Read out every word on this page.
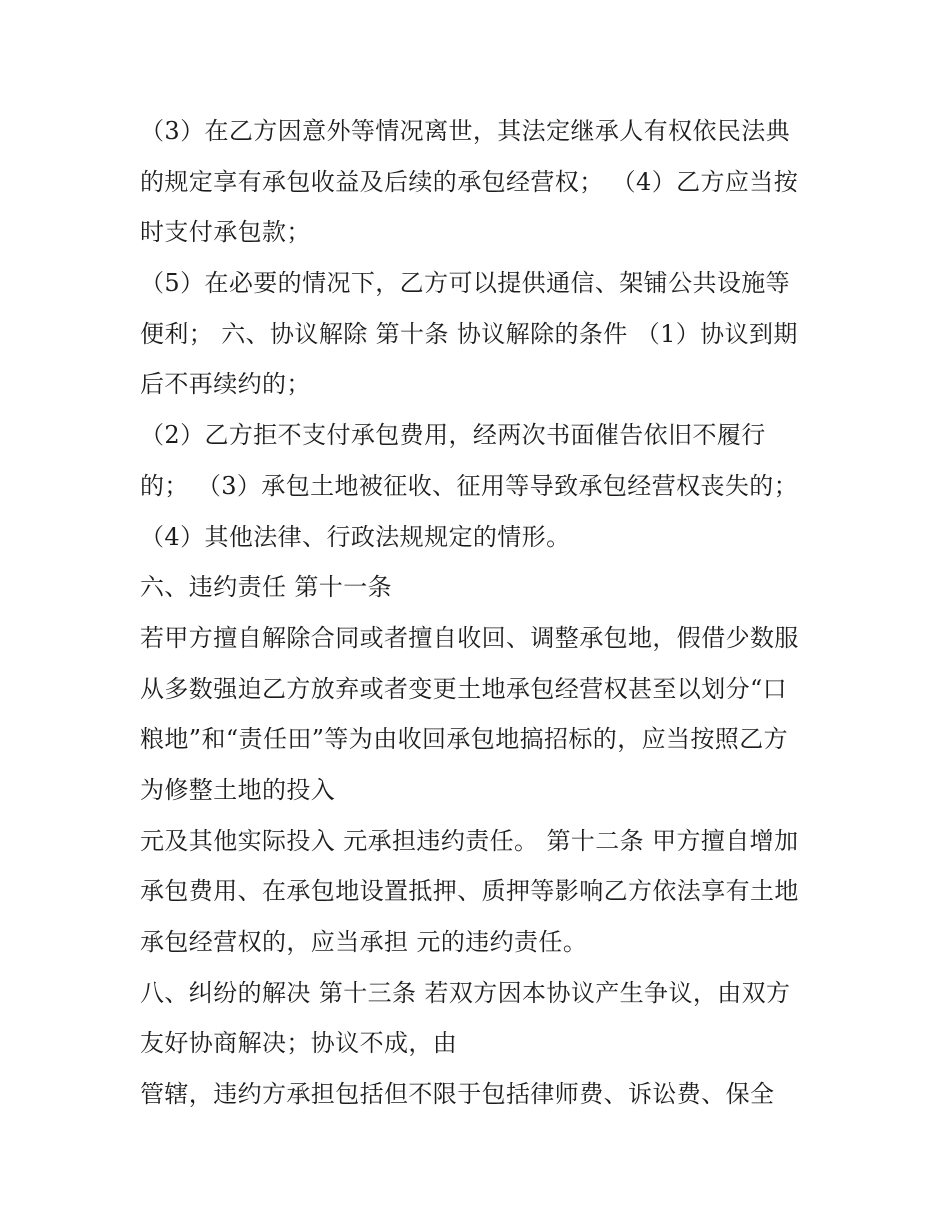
（3）在乙方因意外等情况离世，其法定继承人有权依民法典
的规定享有承包收益及后续的承包经营权； （4）乙方应当按
时支付承包款；
（5）在必要的情况下，乙方可以提供通信、架铺公共设施等
便利； 六、协议解除 第十条 协议解除的条件 （1）协议到期
后不再续约的；
（2）乙方拒不支付承包费用，经两次书面催告依旧不履行
的； （3）承包土地被征收、征用等导致承包经营权丧失的；
（4）其他法律、行政法规规定的情形。
六、违约责任 第十一条
若甲方擅自解除合同或者擅自收回、调整承包地，假借少数服
从多数强迫乙方放弃或者变更土地承包经营权甚至以划分“口
粮地”和“责任田”等为由收回承包地搞招标的，应当按照乙方
为修整土地的投入
元及其他实际投入 元承担违约责任。 第十二条 甲方擅自增加
承包费用、在承包地设置抵押、质押等影响乙方依法享有土地
承包经营权的，应当承担 元的违约责任。
八、纠纷的解决 第十三条 若双方因本协议产生争议，由双方
友好协商解决；协议不成，由
管辖，违约方承担包括但不限于包括律师费、诉讼费、保全
